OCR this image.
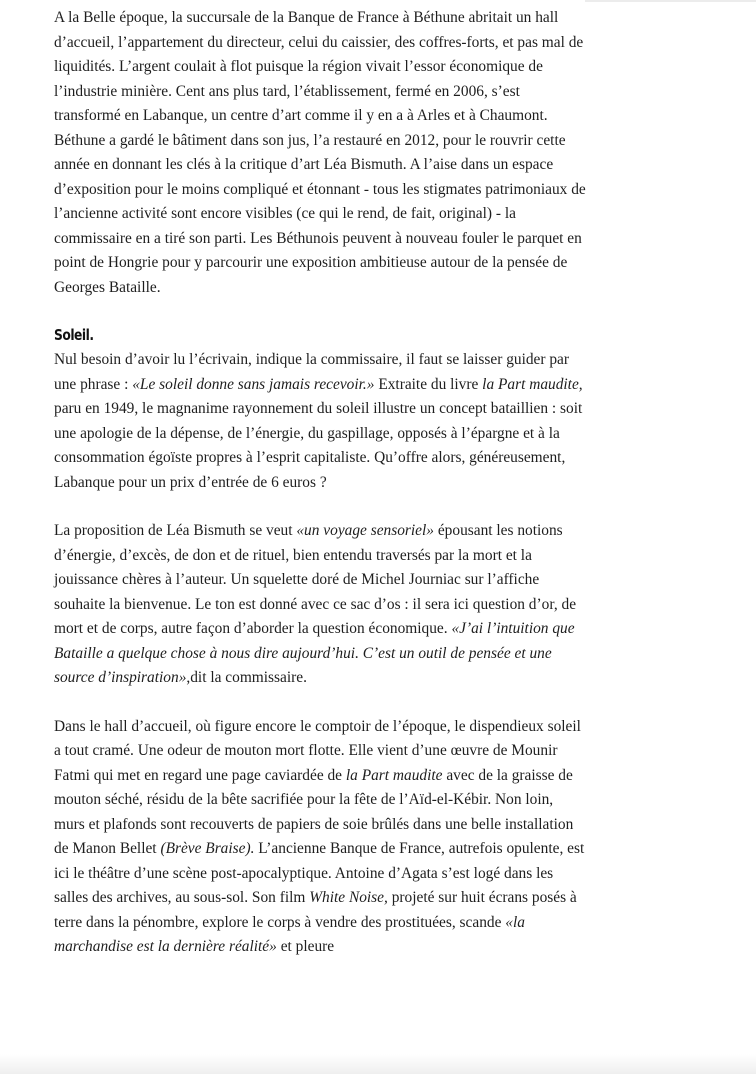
A la Belle époque, la succursale de la Banque de France à Béthune abritait un hall d’accueil, l’appartement du directeur, celui du caissier, des coffres-forts, et pas mal de liquidités. L’argent coulait à flot puisque la région vivait l’essor économique de l’industrie minière. Cent ans plus tard, l’établissement, fermé en 2006, s’est transformé en Labanque, un centre d’art comme il y en a à Arles et à Chaumont. Béthune a gardé le bâtiment dans son jus, l’a restauré en 2012, pour le rouvrir cette année en donnant les clés à la critique d’art Léa Bismuth. A l’aise dans un espace d’exposition pour le moins compliqué et étonnant - tous les stigmates patrimoniaux de l’ancienne activité sont encore visibles (ce qui le rend, de fait, original) - la commissaire en a tiré son parti. Les Béthunois peuvent à nouveau fouler le parquet en point de Hongrie pour y parcourir une exposition ambitieuse autour de la pensée de Georges Bataille.

Soleil.

Nul besoin d’avoir lu l’écrivain, indique la commissaire, il faut se laisser guider par une phrase : «Le soleil donne sans jamais recevoir.» Extraite du livre la Part maudite, paru en 1949, le magnanime rayonnement du soleil illustre un concept bataillien : soit une apologie de la dépense, de l’énergie, du gaspillage, opposés à l’épargne et à la consommation égoïste propres à l’esprit capitaliste. Qu’offre alors, généreusement, Labanque pour un prix d’entrée de 6 euros ?

La proposition de Léa Bismuth se veut «un voyage sensoriel» épousant les notions d’énergie, d’excès, de don et de rituel, bien entendu traversés par la mort et la jouissance chères à l’auteur. Un squelette doré de Michel Journiac sur l’affiche souhaite la bienvenue. Le ton est donné avec ce sac d’os : il sera ici question d’or, de mort et de corps, autre façon d’aborder la question économique. «J’ai l’intuition que Bataille a quelque chose à nous dire aujourd’hui. C’est un outil de pensée et une source d’inspiration»,dit la commissaire.

Dans le hall d’accueil, où figure encore le comptoir de l’époque, le dispendieux soleil a tout cramé. Une odeur de mouton mort flotte. Elle vient d’une œuvre de Mounir Fatmi qui met en regard une page caviardée de la Part maudite avec de la graisse de mouton séché, résidu de la bête sacrifiée pour la fête de l’Aïd-el-Kébir. Non loin, murs et plafonds sont recouverts de papiers de soie brûlés dans une belle installation de Manon Bellet (Brève Braise). L’ancienne Banque de France, autrefois opulente, est ici le théâtre d’une scène post-apocalyptique. Antoine d’Agata s’est logé dans les salles des archives, au sous-sol. Son film White Noise, projeté sur huit écrans posés à terre dans la pénombre, explore le corps à vendre des prostituées, scande «la marchandise est la dernière réalité» et pleure
